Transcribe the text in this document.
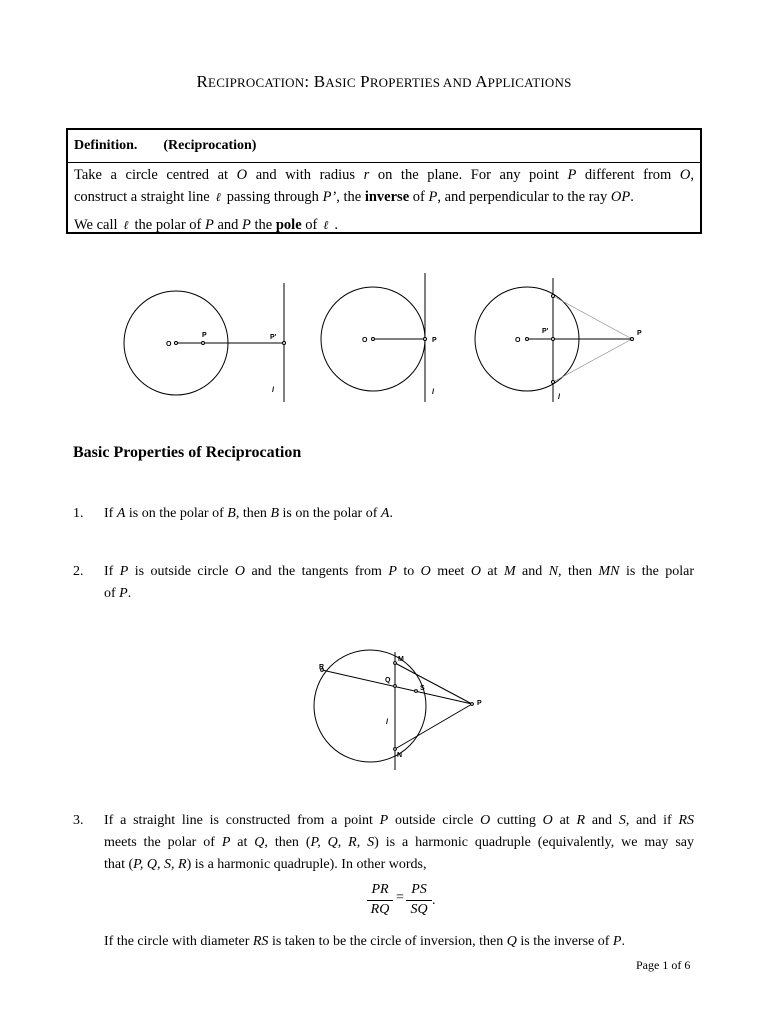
RECIPROCATION: BASIC PROPERTIES AND APPLICATIONS
Definition. (Reciprocation)
Take a circle centred at O and with radius r on the plane. For any point P different from O,
construct a straight line ℓ passing through P’, the inverse of P, and perpendicular to the ray OP.
We call ℓ the polar of P and P the pole of ℓ .
O
P	P'
l
O	P
l
O
P'	P
l
Basic Properties of Reciprocation
1. If A is on the polar of B, then B is on the polar of A.
2. If P is outside circle O and the tangents from P to O meet O at M and N, then MN is the polar
of P.
R
M
Q
S
P
l
N
3. If a straight line is constructed from a point P outside circle O cutting O at R and S, and if RS
meets the polar of P at Q, then (P, Q, R, S) is a harmonic quadruple (equivalently, we may say
that (P, Q, S, R) is a harmonic quadruple). In other words,
PR
RQ
=
PS
SQ
.
If the circle with diameter RS is taken to be the circle of inversion, then Q is the inverse of P.
Page 1 of 6
